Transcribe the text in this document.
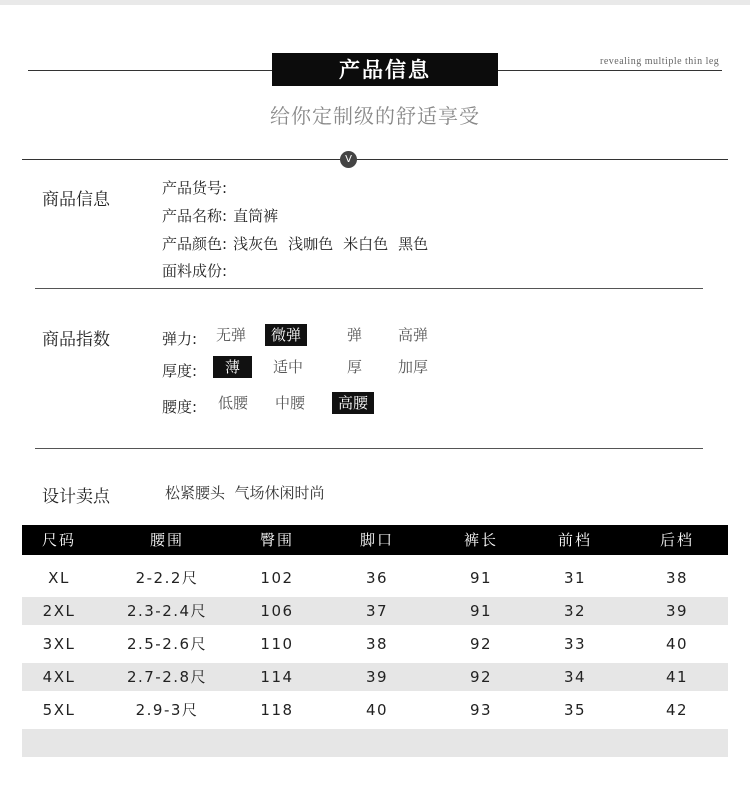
产品信息	revealing multiple thin leg
给你定制级的舒适享受
V
商品信息
产品货号:
产品名称: 直筒裤
产品颜色: 浅灰色 浅咖色 米白色 黑色
面料成份:
商品指数	弹力: 无弹	微弹	弹 高弹
厚度:	薄	适中	厚 加厚
腰度: 低腰 中腰	高腰
设计卖点	松紧腰头  气场休闲时尚
尺码	腰围	臀围	脚口	裤长	前档	后档
XL	2-2.2尺	102	36	91	31	38
2XL	2.3-2.4尺	106	37	91	32	39
3XL	2.5-2.6尺	110	38	92	33	40
4XL	2.7-2.8尺	114	39	92	34	41
5XL	2.9-3尺	118	40	93	35	42
